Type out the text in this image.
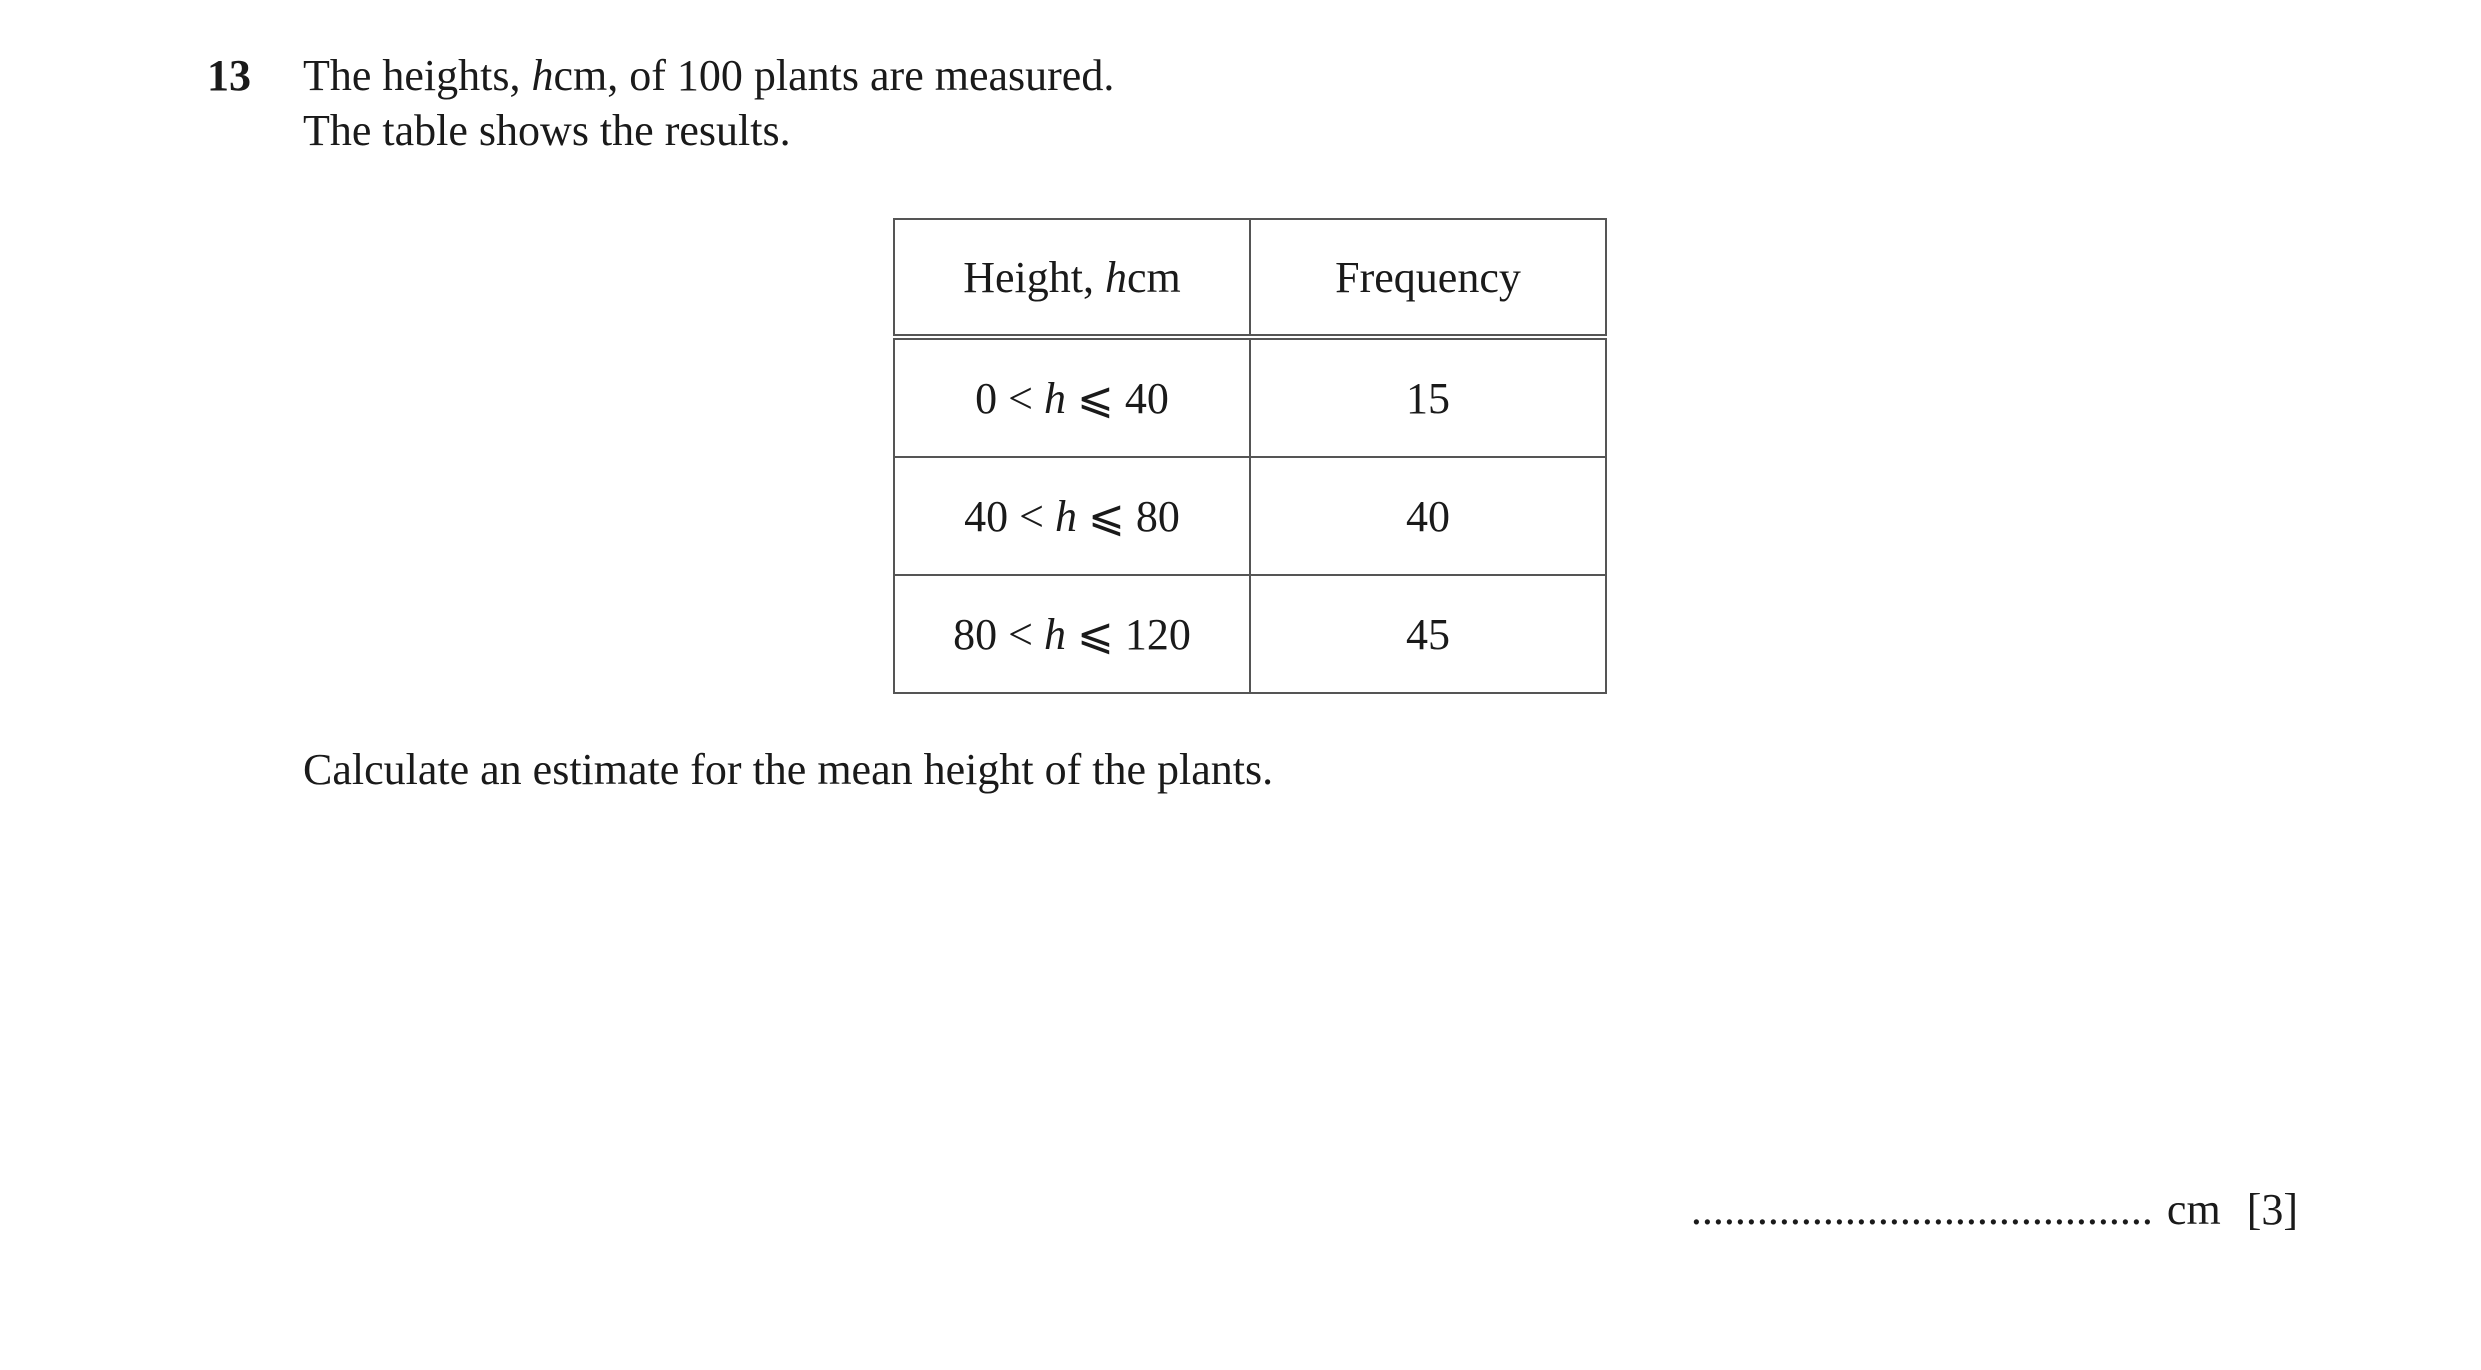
13 The heights, hcm, of 100 plants are measured.
The table shows the results.
Height, hcm	Frequency
0 < h ⩽ 40	15
40 < h ⩽ 80	40
80 < h ⩽ 120	45
Calculate an estimate for the mean height of the plants.
.......................................... cm [3]
